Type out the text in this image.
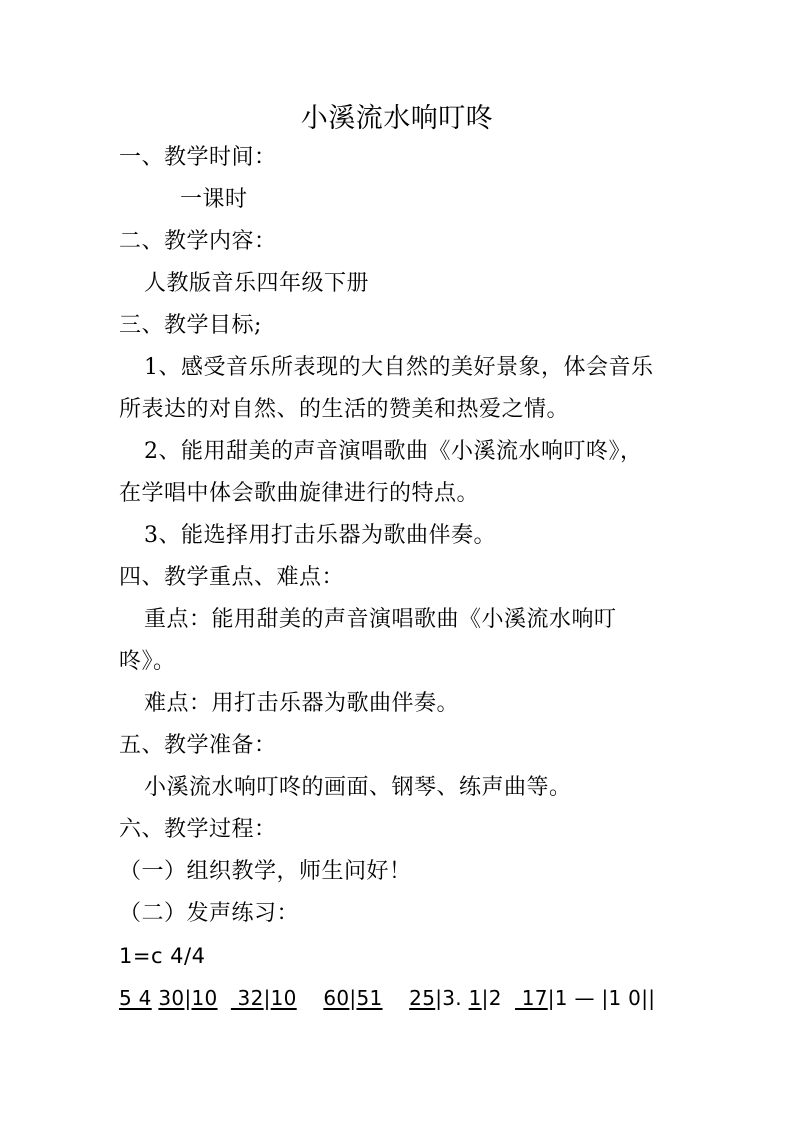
小溪流水响叮咚
一、教学时间：
一课时
二、教学内容：
人教版音乐四年级下册
三、教学目标;
1、感受音乐所表现的大自然的美好景象，体会音乐
所表达的对自然、的生活的赞美和热爱之情。
2、能用甜美的声音演唱歌曲《小溪流水响叮咚》，
在学唱中体会歌曲旋律进行的特点。
3、能选择用打击乐器为歌曲伴奏。
四、教学重点、难点：
重点：能用甜美的声音演唱歌曲《小溪流水响叮
咚》。
难点：用打击乐器为歌曲伴奏。
五、教学准备：
小溪流水响叮咚的画面、钢琴、练声曲等。
六、教学过程：
（一）组织教学，师生问好！
（二）发声练习：
1=c 4/4
5 4 30|10   32|10 60|51 25|3. 1|2   17|1 — |1 0||
